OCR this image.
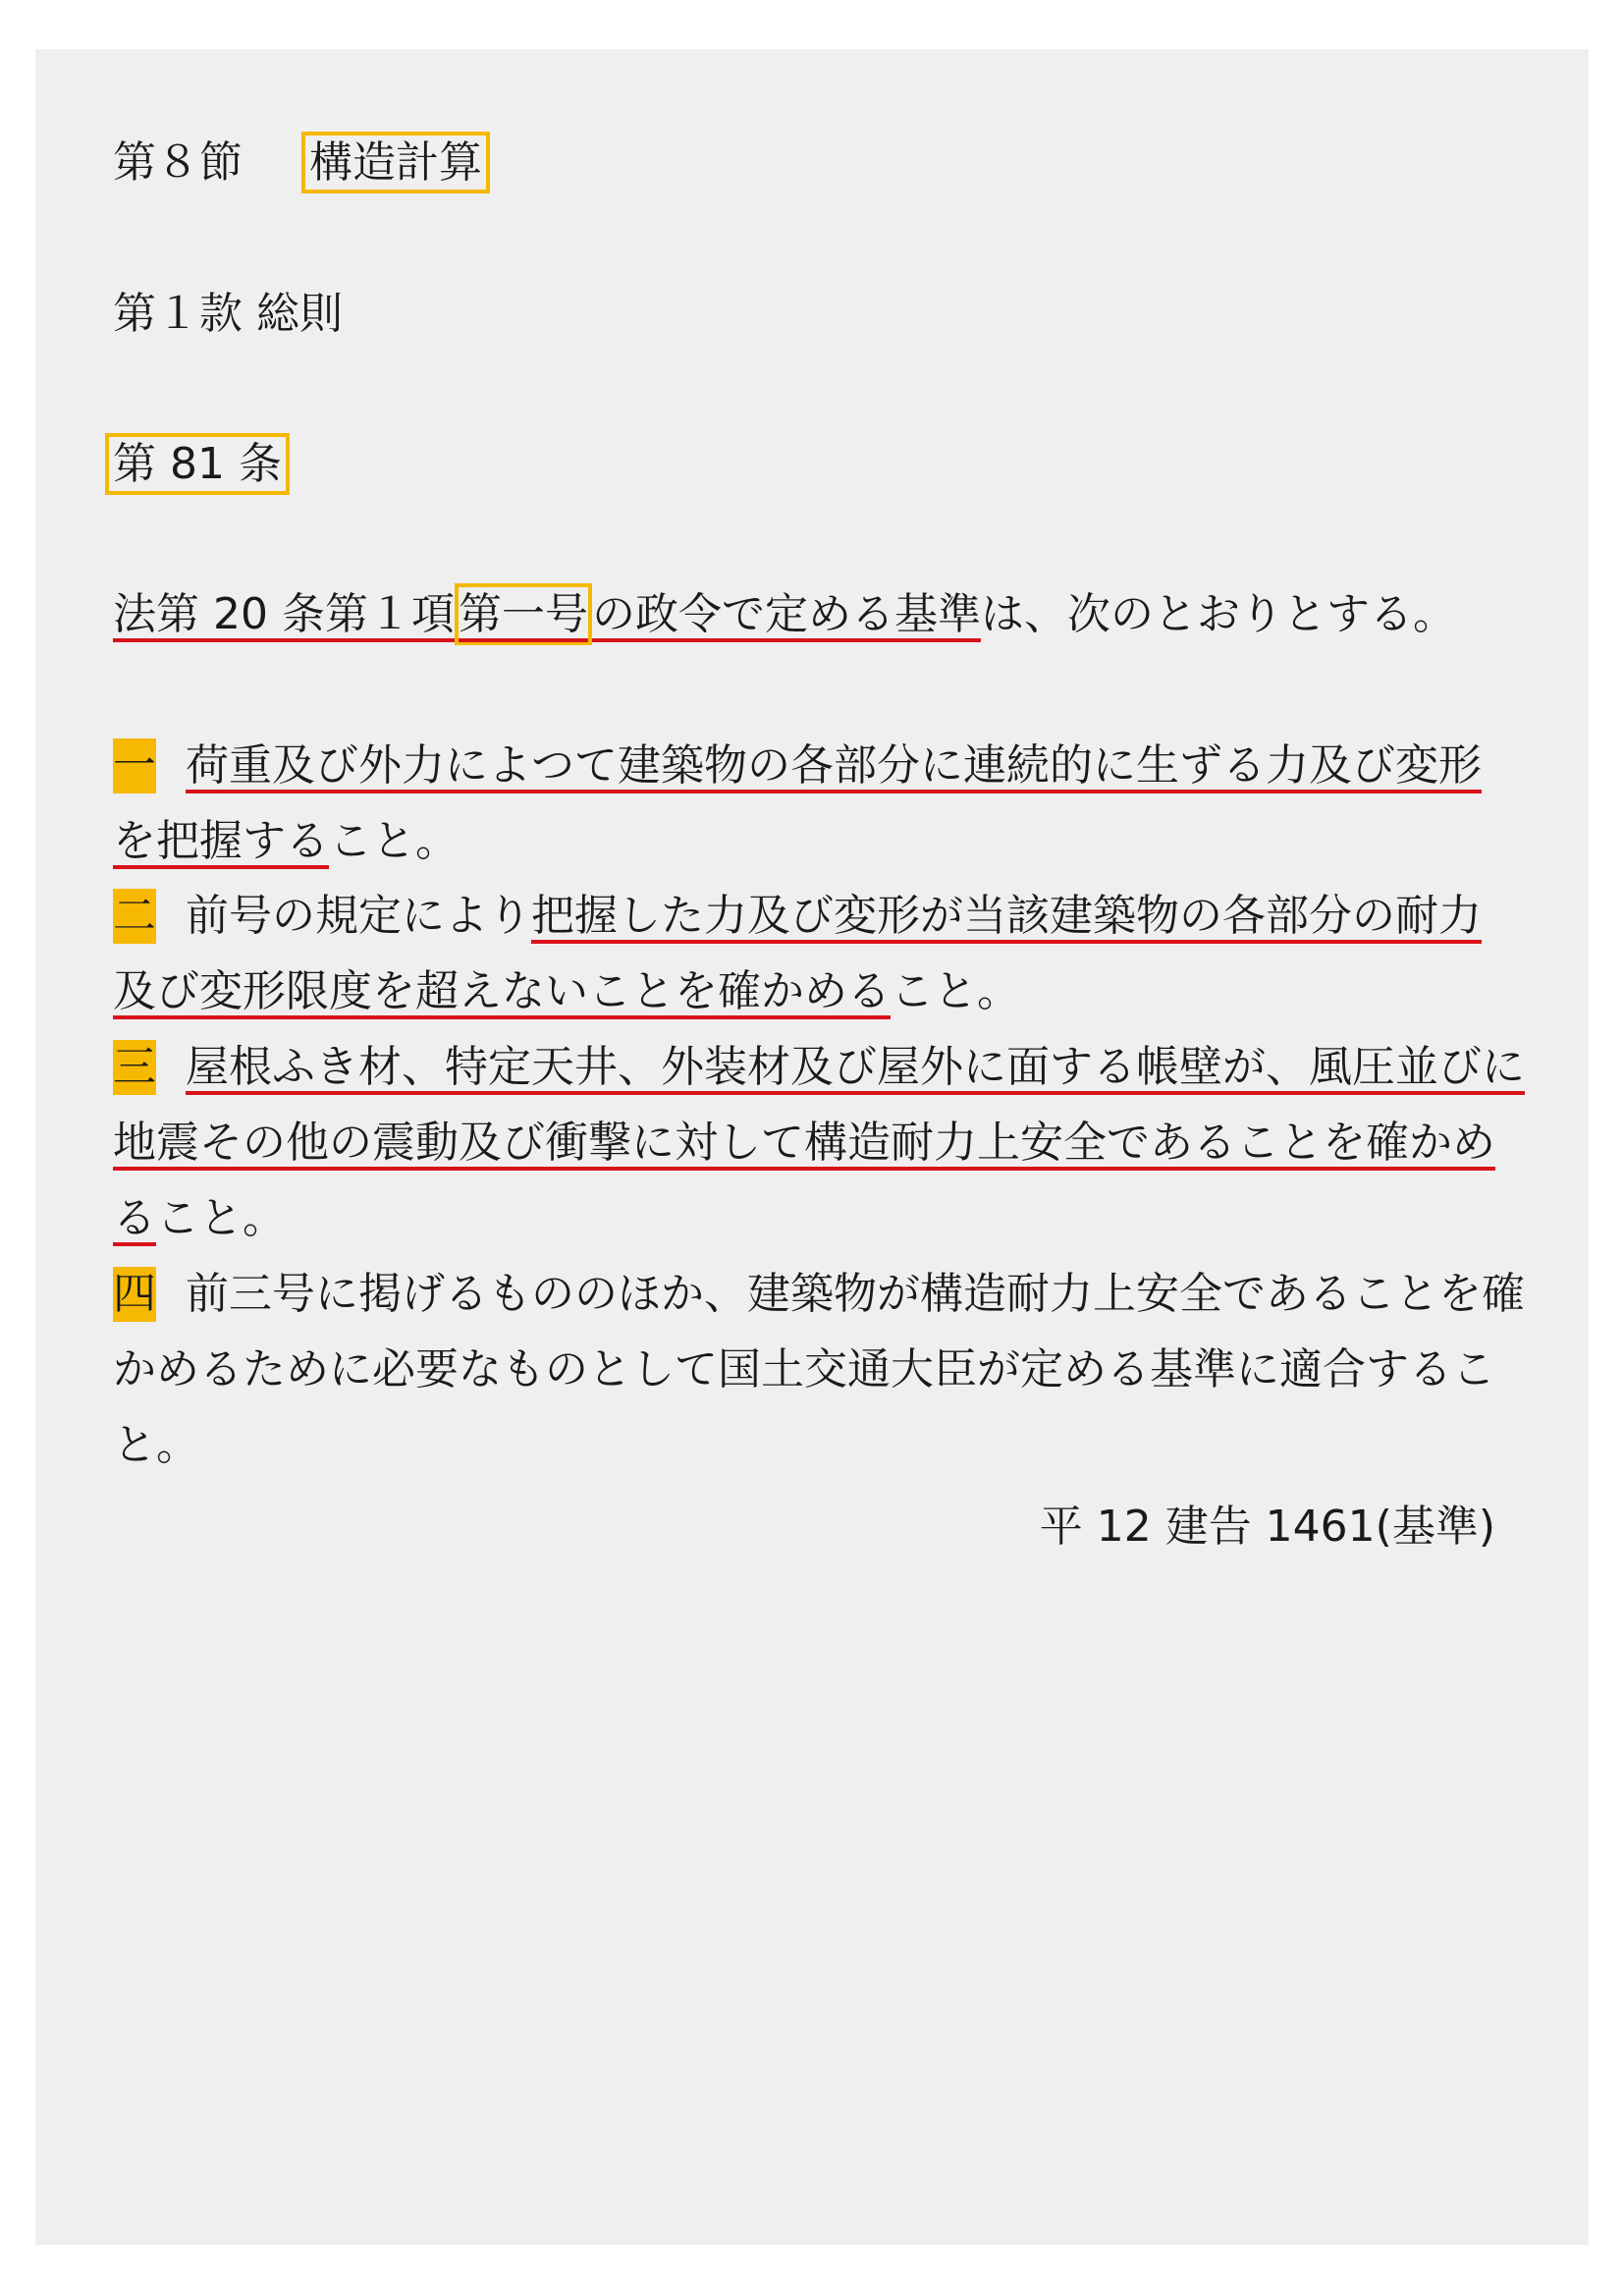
第８節 構造計算
第１款 総則
第 81 条
法第 20 条第１項第一号の政令で定める基準は、次のとおりとする。
一 荷重及び外力によつて建築物の各部分に連続的に生ずる力及び変形
を把握すること。
二 前号の規定により把握した力及び変形が当該建築物の各部分の耐力
及び変形限度を超えないことを確かめること。
三 屋根ふき材、特定天井、外装材及び屋外に面する帳壁が、風圧並びに
地震その他の震動及び衝撃に対して構造耐力上安全であることを確かめ
ること。
四 前三号に掲げるもののほか、建築物が構造耐力上安全であることを確
かめるために必要なものとして国土交通大臣が定める基準に適合するこ
と。
平 12 建告 1461(基準)
